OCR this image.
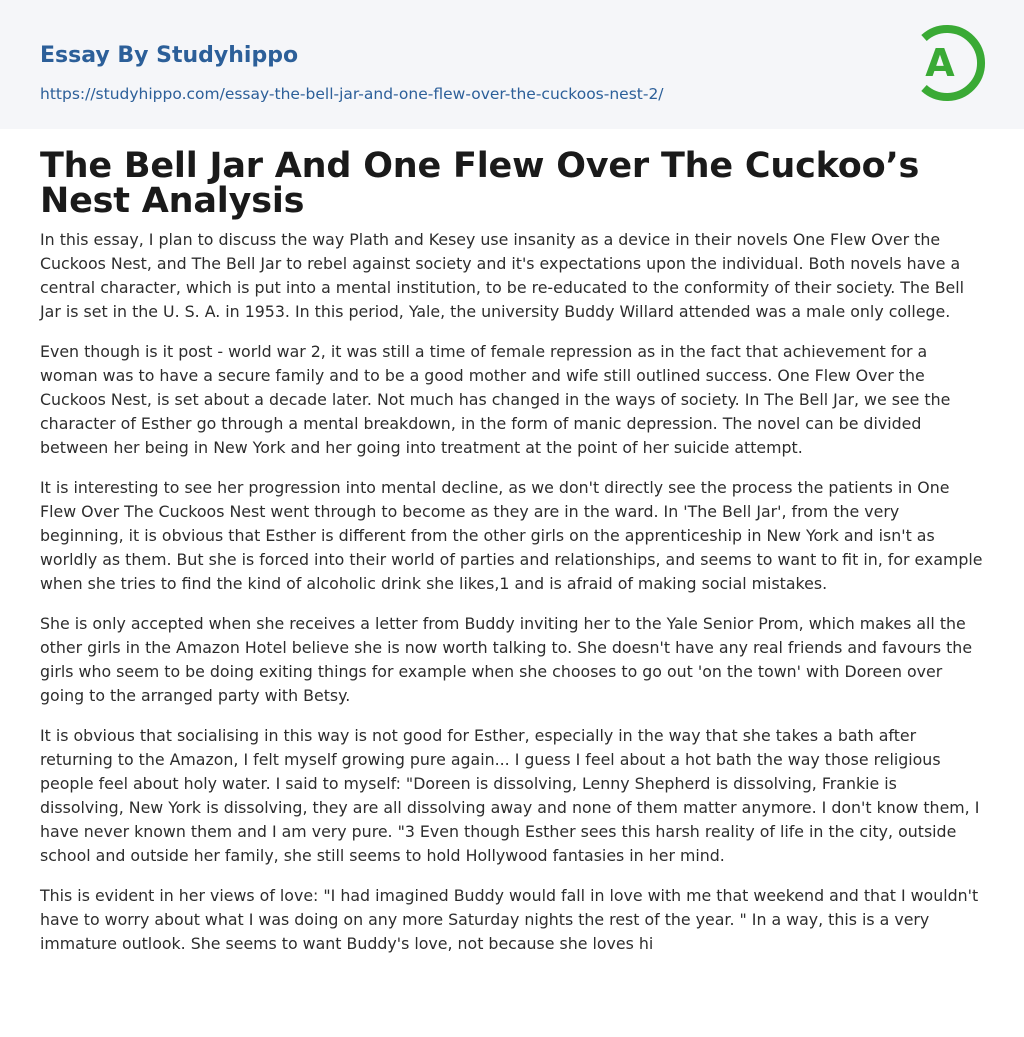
Essay By Studyhippo
https://studyhippo.com/essay-the-bell-jar-and-one-flew-over-the-cuckoos-nest-2/
A
The Bell Jar And One Flew Over The Cuckoo’s Nest Analysis

In this essay, I plan to discuss the way Plath and Kesey use insanity as a device in their novels One Flew Over the Cuckoos Nest, and The Bell Jar to rebel against society and it's expectations upon the individual. Both novels have a central character, which is put into a mental institution, to be re-educated to the conformity of their society. The Bell Jar is set in the U. S. A. in 1953. In this period, Yale, the university Buddy Willard attended was a male only college.

Even though is it post - world war 2, it was still a time of female repression as in the fact that achievement for a woman was to have a secure family and to be a good mother and wife still outlined success. One Flew Over the Cuckoos Nest, is set about a decade later. Not much has changed in the ways of society. In The Bell Jar, we see the character of Esther go through a mental breakdown, in the form of manic depression. The novel can be divided between her being in New York and her going into treatment at the point of her suicide attempt.

It is interesting to see her progression into mental decline, as we don't directly see the process the patients in One Flew Over The Cuckoos Nest went through to become as they are in the ward. In 'The Bell Jar', from the very beginning, it is obvious that Esther is different from the other girls on the apprenticeship in New York and isn't as worldly as them. But she is forced into their world of parties and relationships, and seems to want to fit in, for example when she tries to find the kind of alcoholic drink she likes,1 and is afraid of making social mistakes.

She is only accepted when she receives a letter from Buddy inviting her to the Yale Senior Prom, which makes all the other girls in the Amazon Hotel believe she is now worth talking to. She doesn't have any real friends and favours the girls who seem to be doing exiting things for example when she chooses to go out 'on the town' with Doreen over going to the arranged party with Betsy.

It is obvious that socialising in this way is not good for Esther, especially in the way that she takes a bath after returning to the Amazon, I felt myself growing pure again... I guess I feel about a hot bath the way those religious people feel about holy water. I said to myself: "Doreen is dissolving, Lenny Shepherd is dissolving, Frankie is dissolving, New York is dissolving, they are all dissolving away and none of them matter anymore. I don't know them, I have never known them and I am very pure. "3 Even though Esther sees this harsh reality of life in the city, outside school and outside her family, she still seems to hold Hollywood fantasies in her mind.

This is evident in her views of love: "I had imagined Buddy would fall in love with me that weekend and that I wouldn't have to worry about what I was doing on any more Saturday nights the rest of the year. " In a way, this is a very immature outlook. She seems to want Buddy's love, not because she loves hi
